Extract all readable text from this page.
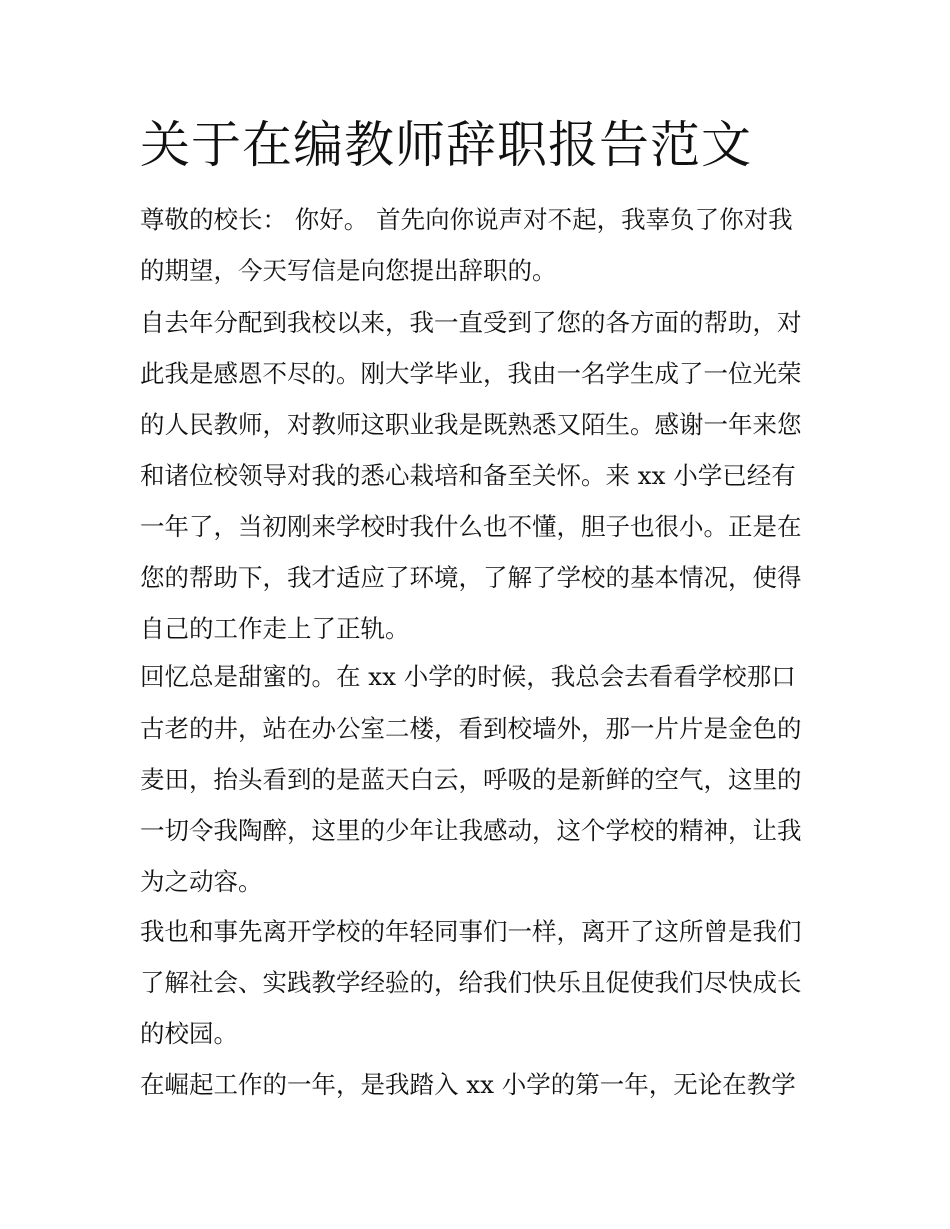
关于在编教师辞职报告范文

尊敬的校长： 你好。 首先向你说声对不起，我辜负了你对我

的期望，今天写信是向您提出辞职的。

自去年分配到我校以来，我一直受到了您的各方面的帮助，对

此我是感恩不尽的。刚大学毕业，我由一名学生成了一位光荣

的人民教师，对教师这职业我是既熟悉又陌生。感谢一年来您

和诸位校领导对我的悉心栽培和备至关怀。来 xx 小学已经有

一年了，当初刚来学校时我什么也不懂，胆子也很小。正是在

您的帮助下，我才适应了环境，了解了学校的基本情况，使得

自己的工作走上了正轨。

回忆总是甜蜜的。在 xx 小学的时候，我总会去看看学校那口

古老的井，站在办公室二楼，看到校墙外，那一片片是金色的

麦田，抬头看到的是蓝天白云，呼吸的是新鲜的空气，这里的

一切令我陶醉，这里的少年让我感动，这个学校的精神，让我

为之动容。

我也和事先离开学校的年轻同事们一样，离开了这所曾是我们

了解社会、实践教学经验的，给我们快乐且促使我们尽快成长

的校园。

在崛起工作的一年，是我踏入 xx 小学的第一年，无论在教学
